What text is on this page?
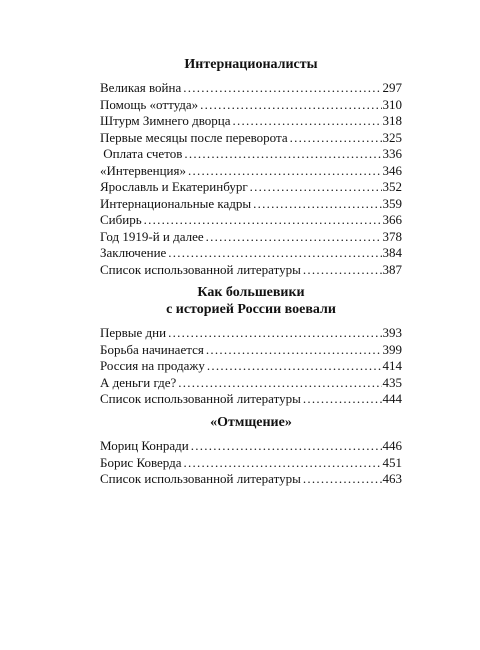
Интернационалисты
Великая война . . .	297
Помощь «оттуда» . . .	310
Штурм Зимнего дворца . . .	318
Первые месяцы после переворота . . .	325
Оплата счетов . . .	336
«Интервенция» . . .	346
Ярославль и Екатеринбург . . .	352
Интернациональные кадры . . .	359
Сибирь . . .	366
Год 1919-й и далее . . .	378
Заключение . . .	384
Список использованной литературы . . .	387
Как большевики
с историей России воевали
Первые дни . . .	393
Борьба начинается . . .	399
Россия на продажу . . .	414
А деньги где? . . .	435
Список использованной литературы . . .	444
«Отмщение»
Мориц Конради . . .	446
Борис Коверда . . .	451
Список использованной литературы . . .	463
